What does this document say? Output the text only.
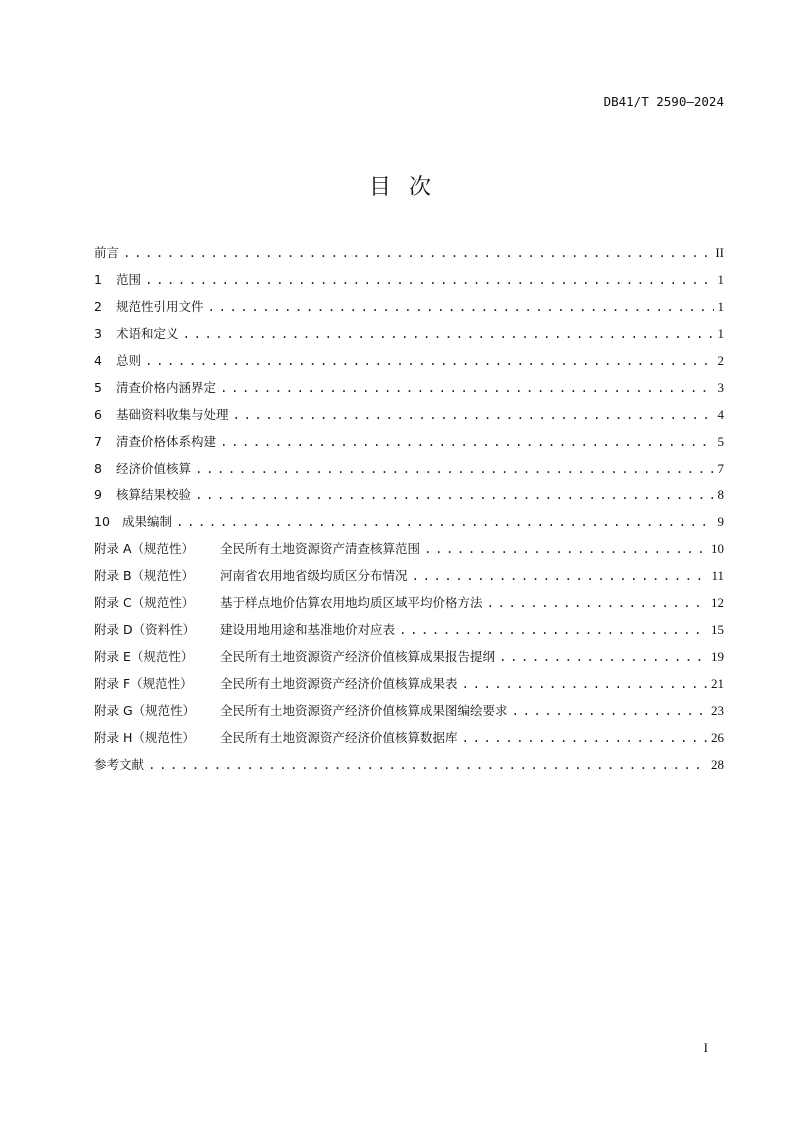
DB41/T 2590—2024
目次
前言 .....	II
1 范围 .....	1
2 规范性引用文件 .....	1
3 术语和定义 .....	1
4 总则 .....	2
5 清查价格内涵界定 .....	3
6 基础资料收集与处理 .....	4
7 清查价格体系构建 .....	5
8 经济价值核算 .....	7
9 核算结果校验 .....	8
10 成果编制 .....	9
附录 A（规范性） 全民所有土地资源资产清查核算范围 .....	10
附录 B（规范性） 河南省农用地省级均质区分布情况 .....	11
附录 C（规范性） 基于样点地价估算农用地均质区域平均价格方法 .....	12
附录 D（资料性） 建设用地用途和基准地价对应表 .....	15
附录 E（规范性） 全民所有土地资源资产经济价值核算成果报告提纲 .....	19
附录 F（规范性） 全民所有土地资源资产经济价值核算成果表 .....	21
附录 G（规范性） 全民所有土地资源资产经济价值核算成果图编绘要求 .....	23
附录 H（规范性） 全民所有土地资源资产经济价值核算数据库 .....	26
参考文献 .....	28
I
